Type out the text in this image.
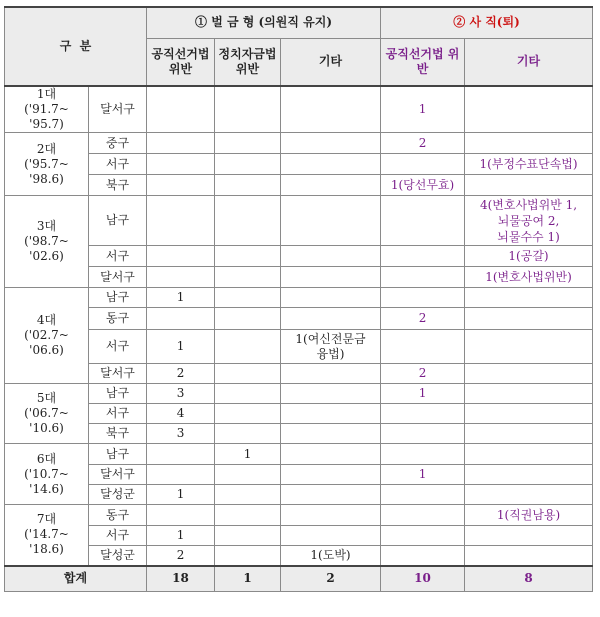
구  분		① 벌 금 형 (의원직 유지)			② 사 직(퇴)	
		공직선거법 위반	정치자금법 위반	기타	공직선거법 위반	기타
1대
('91.7~
'95.7)	달서구				1	
2대
('95.7~
'98.6)	중구				2	
	서구					1(부정수표단속법)
	북구				1(당선무효)	
3대
('98.7~
'02.6)	남구					4(변호사법위반 1,
뇌물공여 2,
뇌물수수 1)
	서구					1(공갈)
	달서구					1(변호사법위반)
4대
('02.7~
'06.6)	남구	1				
	동구				2	
	서구	1		1(여신전문금
융법)		
	달서구	2			2	
5대
('06.7~
'10.6)	남구	3			1	
	서구	4				
	북구	3				
6대
('10.7~
'14.6)	남구		1			
	달서구				1	
	달성군	1				
7대
('14.7~
'18.6)	동구					1(직권남용)
	서구	1				
	달성군	2		1(도박)		
합계		18	1	2	10	8
